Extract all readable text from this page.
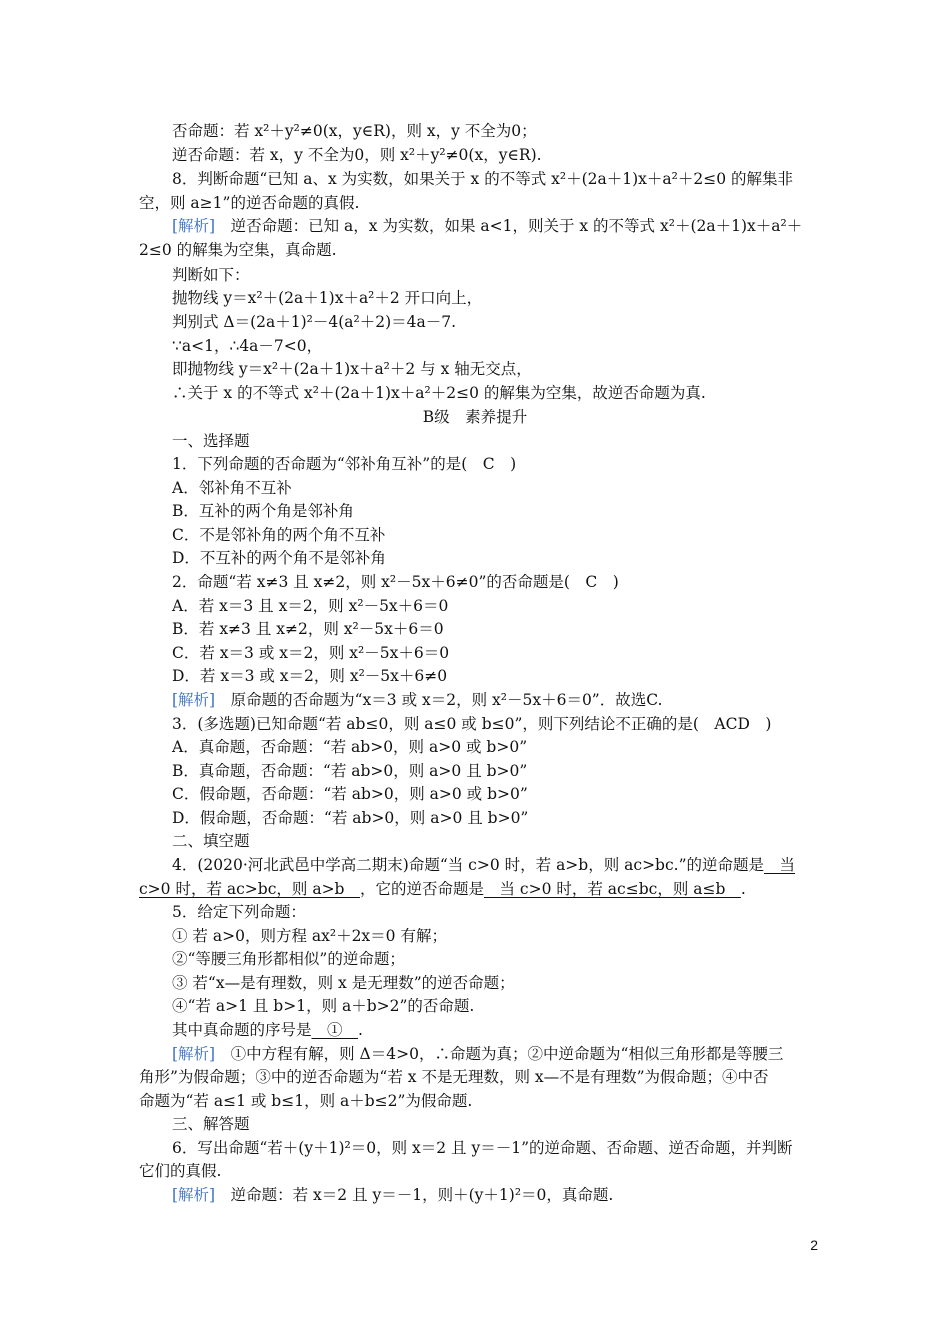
否命题：若 x²＋y²≠0(x，y∈R)，则 x，y 不全为0；
逆否命题：若 x，y 不全为0，则 x²＋y²≠0(x，y∈R).
8．判断命题“已知 a、x 为实数，如果关于 x 的不等式 x²＋(2a＋1)x＋a²＋2≤0 的解集非
空，则 a≥1”的逆否命题的真假.
[解析]　逆否命题：已知 a，x 为实数，如果 a<1，则关于 x 的不等式 x²＋(2a＋1)x＋a²＋
2≤0 的解集为空集，真命题.
判断如下：
抛物线 y＝x²＋(2a＋1)x＋a²＋2 开口向上，
判别式 Δ＝(2a＋1)²－4(a²＋2)＝4a－7.
∵a<1，∴4a－7<0，
即抛物线 y＝x²＋(2a＋1)x＋a²＋2 与 x 轴无交点，
∴关于 x 的不等式 x²＋(2a＋1)x＋a²＋2≤0 的解集为空集，故逆否命题为真.
B级　素养提升
一、选择题
1．下列命题的否命题为“邻补角互补”的是(　C　)
A．邻补角不互补
B．互补的两个角是邻补角
C．不是邻补角的两个角不互补
D．不互补的两个角不是邻补角
2．命题“若 x≠3 且 x≠2，则 x²－5x＋6≠0”的否命题是(　C　)
A．若 x＝3 且 x＝2，则 x²－5x＋6＝0
B．若 x≠3 且 x≠2，则 x²－5x＋6＝0
C．若 x＝3 或 x＝2，则 x²－5x＋6＝0
D．若 x＝3 或 x＝2，则 x²－5x＋6≠0
[解析]　原命题的否命题为“x＝3 或 x＝2，则 x²－5x＋6＝0”．故选C.
3．(多选题)已知命题“若 ab≤0，则 a≤0 或 b≤0”，则下列结论不正确的是(　ACD　)
A．真命题，否命题：“若 ab>0，则 a>0 或 b>0”
B．真命题，否命题：“若 ab>0，则 a>0 且 b>0”
C．假命题，否命题：“若 ab>0，则 a>0 或 b>0”
D．假命题，否命题：“若 ab>0，则 a>0 且 b>0”
二、填空题
4．(2020·河北武邑中学高二期末)命题“当 c>0 时，若 a>b，则 ac>bc.”的逆命题是　当
c>0 时，若 ac>bc，则 a>b　，它的逆否命题是　当 c>0 时，若 ac≤bc，则 a≤b　.
5．给定下列命题：
① 若 a>0，则方程 ax²＋2x＝0 有解；
②“等腰三角形都相似”的逆命题；
③ 若“x—是有理数，则 x 是无理数”的逆否命题；
④“若 a>1 且 b>1，则 a＋b>2”的否命题.
其中真命题的序号是　①　.
[解析]　①中方程有解，则 Δ＝4>0，∴命题为真；②中逆命题为“相似三角形都是等腰三
角形”为假命题；③中的逆否命题为“若 x 不是无理数，则 x—不是有理数”为假命题；④中否
命题为“若 a≤1 或 b≤1，则 a＋b≤2”为假命题.
三、解答题
6．写出命题“若＋(y＋1)²＝0，则 x＝2 且 y＝－1”的逆命题、否命题、逆否命题，并判断
它们的真假.
[解析]　逆命题：若 x＝2 且 y＝－1，则＋(y＋1)²＝0，真命题.
2
